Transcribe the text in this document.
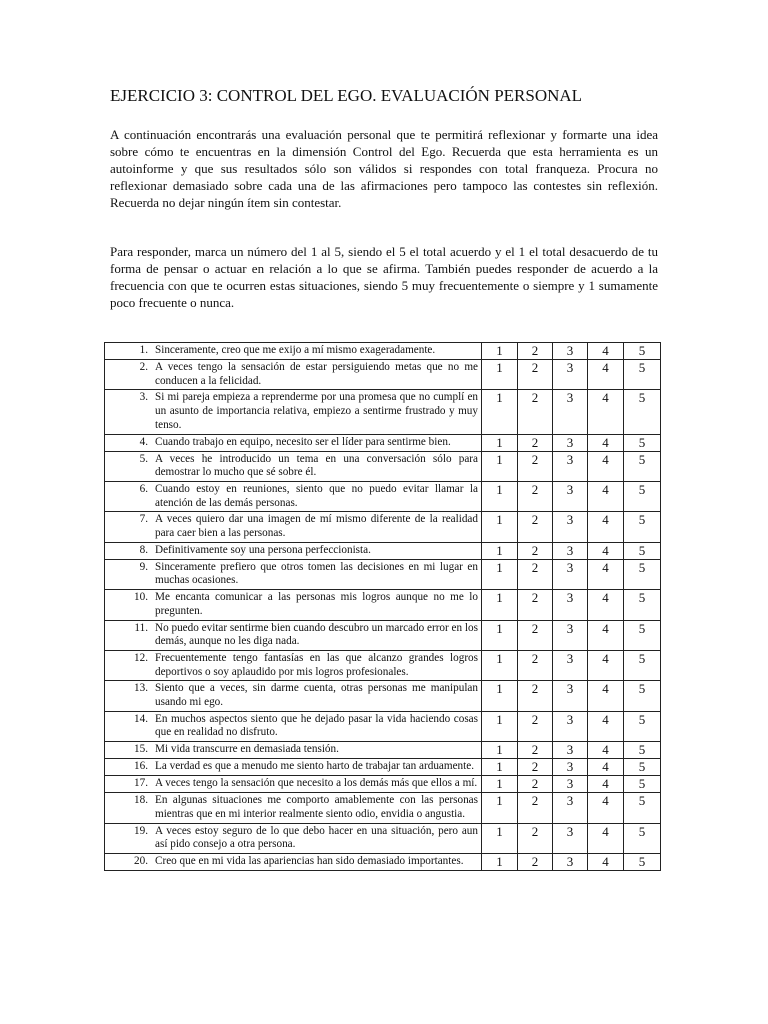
EJERCICIO 3: CONTROL DEL EGO. EVALUACIÓN PERSONAL

A continuación encontrarás una evaluación personal que te permitirá reflexionar y formarte una idea sobre cómo te encuentras en la dimensión Control del Ego. Recuerda que esta herramienta es un autoinforme y que sus resultados sólo son válidos si respondes con total franqueza. Procura no reflexionar demasiado sobre cada una de las afirmaciones pero tampoco las contestes sin reflexión. Recuerda no dejar ningún ítem sin contestar.

Para responder, marca un número del 1 al 5, siendo el 5 el total acuerdo y el 1 el total desacuerdo de tu forma de pensar o actuar en relación a lo que se afirma. También puedes responder de acuerdo a la frecuencia con que te ocurren estas situaciones, siendo 5 muy frecuentemente o siempre y 1 sumamente poco frecuente o nunca.

1. Sinceramente, creo que me exijo a mí mismo exageradamente.	1	2	3	4	5

2. A veces tengo la sensación de estar persiguiendo metas que no me conducen a la felicidad.	1	2	3	4	5

3. Si mi pareja empieza a reprenderme por una promesa que no cumplí en un asunto de importancia relativa, empiezo a sentirme frustrado y muy tenso.	1	2	3	4	5

4. Cuando trabajo en equipo, necesito ser el líder para sentirme bien.	1	2	3	4	5

5. A veces he introducido un tema en una conversación sólo para demostrar lo mucho que sé sobre él.	1	2	3	4	5

6. Cuando estoy en reuniones, siento que no puedo evitar llamar la atención de las demás personas.	1	2	3	4	5

7. A veces quiero dar una imagen de mí mismo diferente de la realidad para caer bien a las personas.	1	2	3	4	5

8. Definitivamente soy una persona perfeccionista.	1	2	3	4	5

9. Sinceramente prefiero que otros tomen las decisiones en mi lugar en muchas ocasiones.	1	2	3	4	5

10. Me encanta comunicar a las personas mis logros aunque no me lo pregunten.	1	2	3	4	5

11. No puedo evitar sentirme bien cuando descubro un marcado error en los demás, aunque no les diga nada.	1	2	3	4	5

12. Frecuentemente tengo fantasías en las que alcanzo grandes logros deportivos o soy aplaudido por mis logros profesionales.	1	2	3	4	5

13. Siento que a veces, sin darme cuenta, otras personas me manipulan usando mi ego.	1	2	3	4	5

14. En muchos aspectos siento que he dejado pasar la vida haciendo cosas que en realidad no disfruto.	1	2	3	4	5

15. Mi vida transcurre en demasiada tensión.	1	2	3	4	5

16. La verdad es que a menudo me siento harto de trabajar tan arduamente.	1	2	3	4	5

17. A veces tengo la sensación que necesito a los demás más que ellos a mí.	1	2	3	4	5

18. En algunas situaciones me comporto amablemente con las personas mientras que en mi interior realmente siento odio, envidia o angustia.	1	2	3	4	5

19. A veces estoy seguro de lo que debo hacer en una situación, pero aun así pido consejo a otra persona.	1	2	3	4	5

20. Creo que en mi vida las apariencias han sido demasiado importantes.	1	2	3	4	5
